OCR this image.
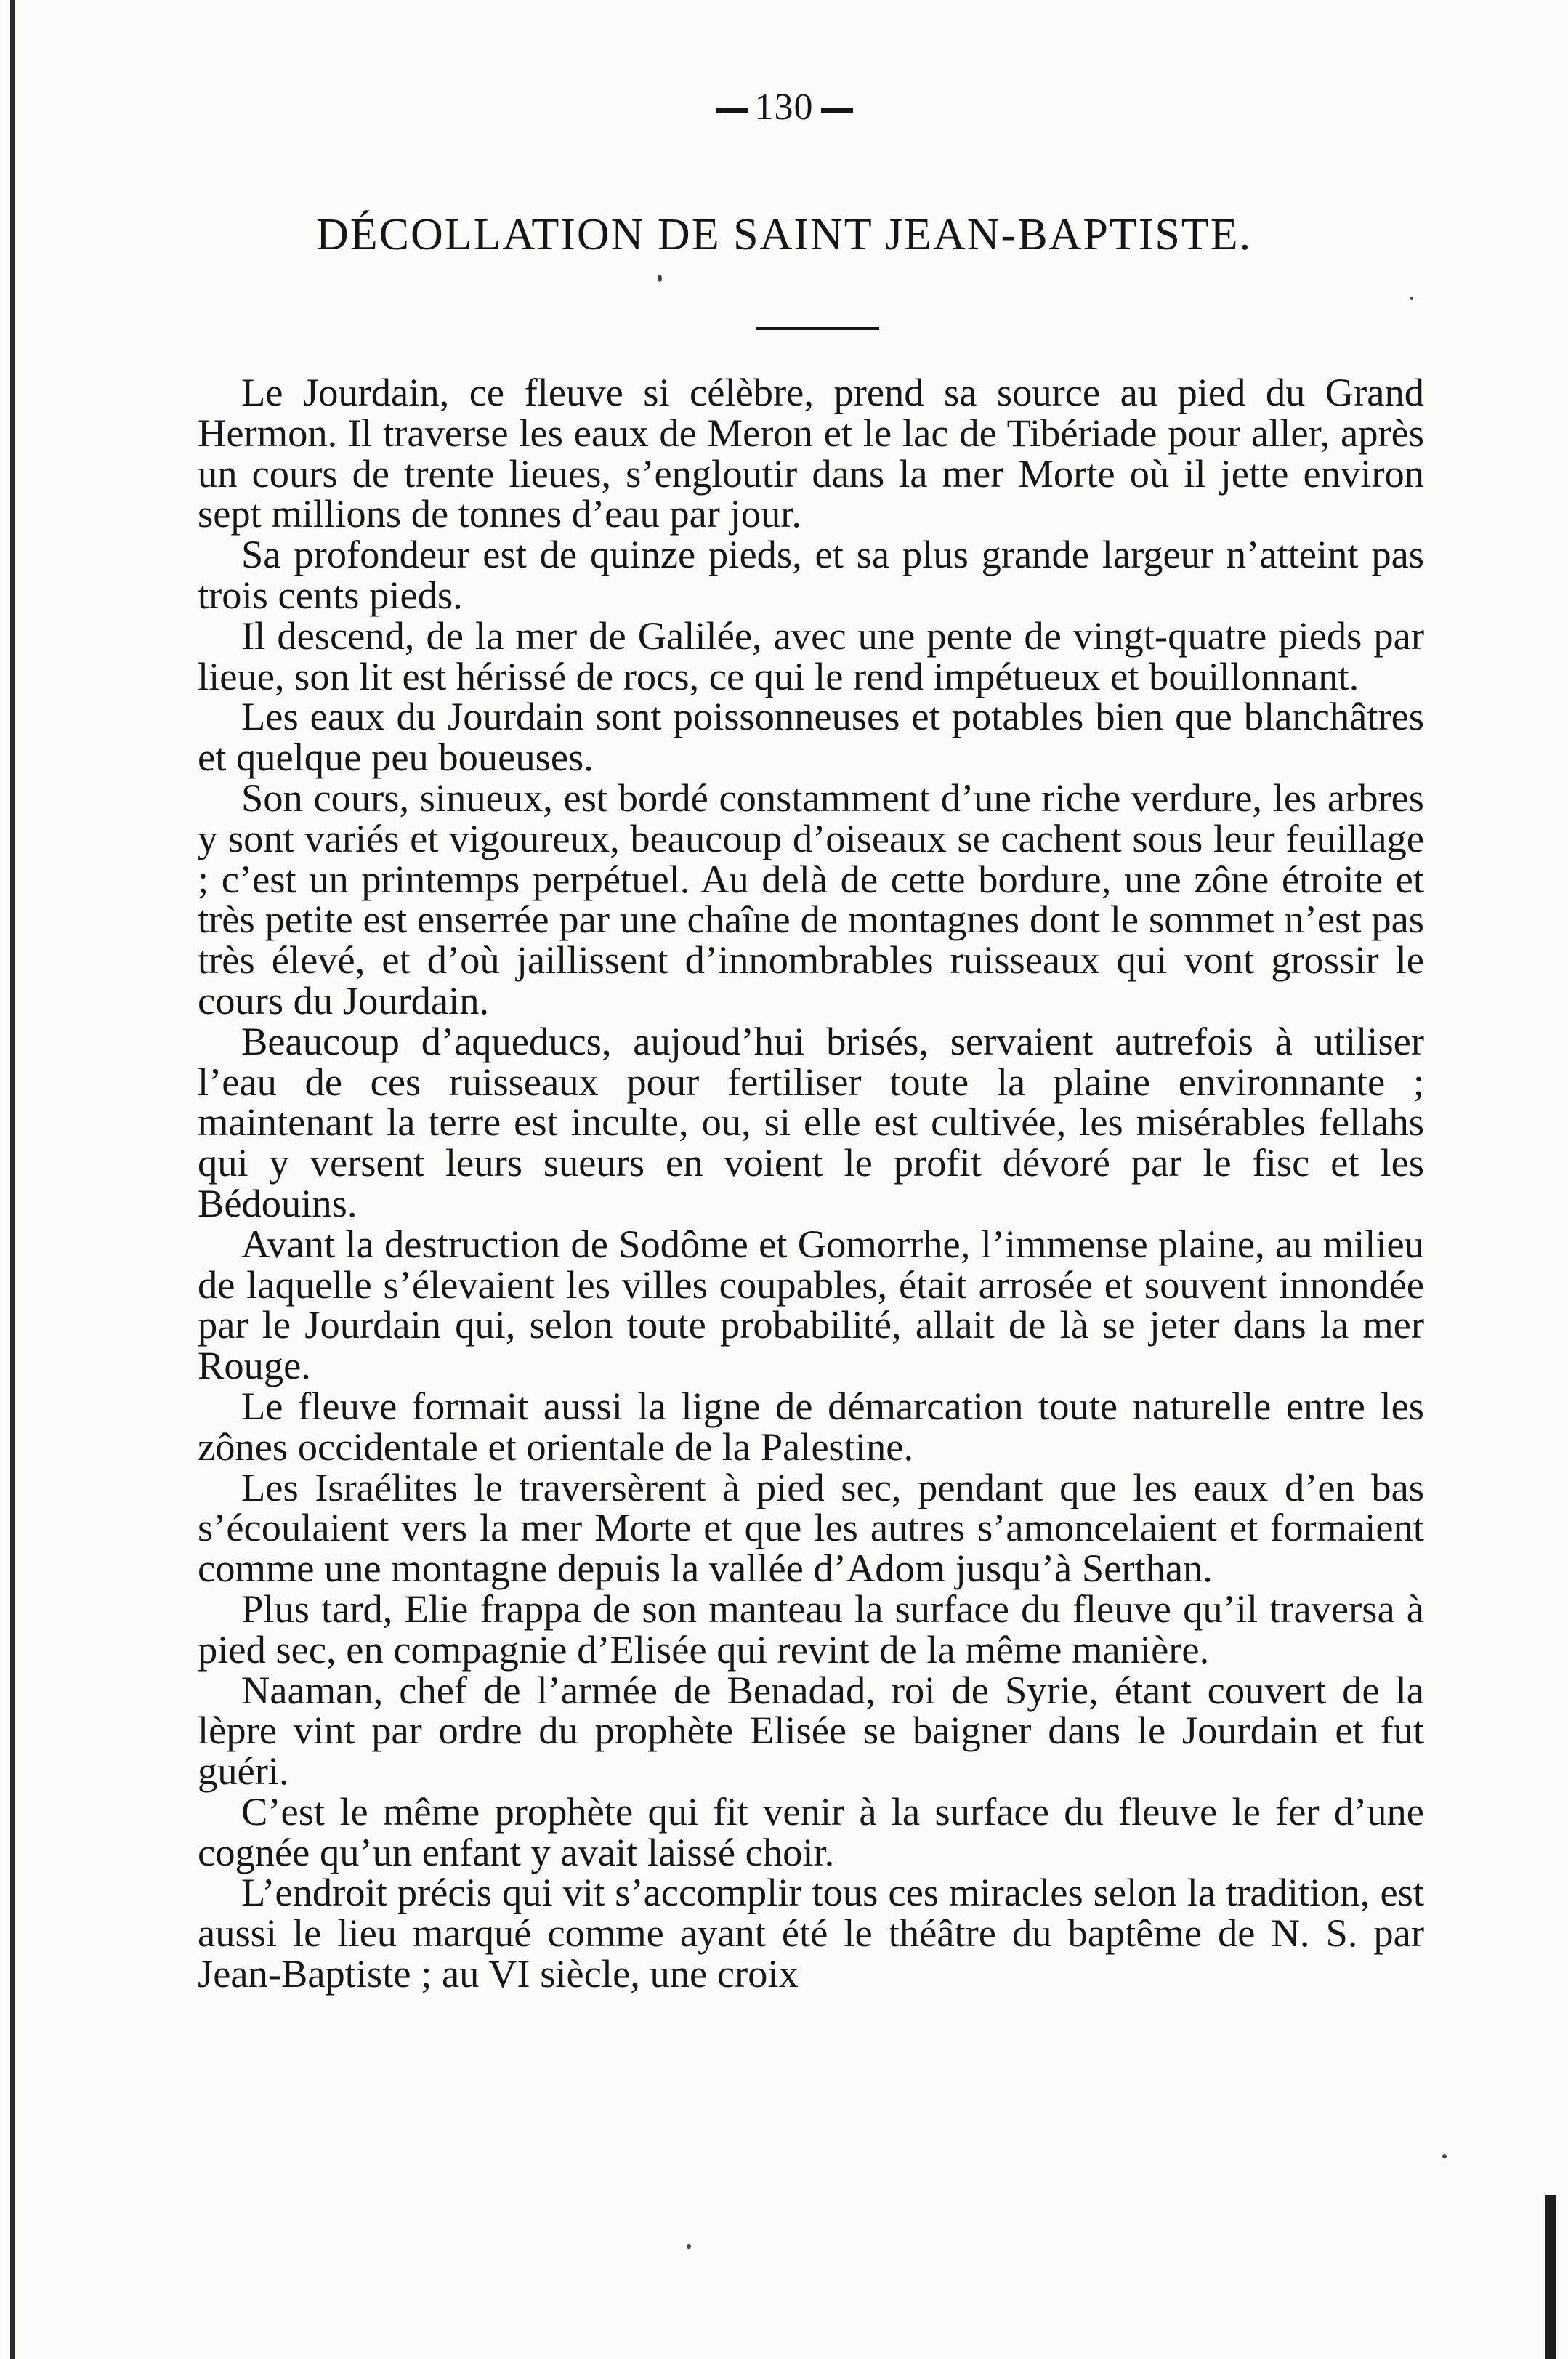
130
DÉCOLLATION DE SAINT JEAN-BAPTISTE.

Le Jourdain, ce fleuve si célèbre, prend sa source au pied du Grand Hermon. Il traverse les eaux de Meron et le lac de Tibériade pour aller, après un cours de trente lieues, s’engloutir dans la mer Morte où il jette environ sept millions de tonnes d’eau par jour.

Sa profondeur est de quinze pieds, et sa plus grande largeur n’atteint pas trois cents pieds.

Il descend, de la mer de Galilée, avec une pente de vingt-quatre pieds par lieue, son lit est hérissé de rocs, ce qui le rend impétueux et bouillonnant.

Les eaux du Jourdain sont poissonneuses et potables bien que blanchâtres et quelque peu boueuses.

Son cours, sinueux, est bordé constamment d’une riche verdure, les arbres y sont variés et vigoureux, beaucoup d’oiseaux se cachent sous leur feuillage ; c’est un printemps perpétuel. Au delà de cette bordure, une zône étroite et très petite est enserrée par une chaîne de montagnes dont le sommet n’est pas très élevé, et d’où jaillissent d’innombrables ruisseaux qui vont grossir le cours du Jourdain.

Beaucoup d’aqueducs, aujoud’hui brisés, servaient autrefois à utiliser l’eau de ces ruisseaux pour fertiliser toute la plaine environnante ; maintenant la terre est inculte, ou, si elle est cultivée, les misérables fellahs qui y versent leurs sueurs en voient le profit dévoré par le fisc et les Bédouins.

Avant la destruction de Sodôme et Gomorrhe, l’immense plaine, au milieu de laquelle s’élevaient les villes coupables, était arrosée et souvent innondée par le Jourdain qui, selon toute probabilité, allait de là se jeter dans la mer Rouge.

Le fleuve formait aussi la ligne de démarcation toute naturelle entre les zônes occidentale et orientale de la Palestine.

Les Israélites le traversèrent à pied sec, pendant que les eaux d’en bas s’écoulaient vers la mer Morte et que les autres s’amoncelaient et formaient comme une montagne depuis la vallée d’Adom jusqu’à Serthan.

Plus tard, Elie frappa de son manteau la surface du fleuve qu’il traversa à pied sec, en compagnie d’Elisée qui revint de la même manière.

Naaman, chef de l’armée de Benadad, roi de Syrie, étant couvert de la lèpre vint par ordre du prophète Elisée se baigner dans le Jourdain et fut guéri.

C’est le même prophète qui fit venir à la surface du fleuve le fer d’une cognée qu’un enfant y avait laissé choir.

L’endroit précis qui vit s’accomplir tous ces miracles selon la tradition, est aussi le lieu marqué comme ayant été le théâtre du baptême de N. S. par Jean-Baptiste ; au VI siècle, une croix
